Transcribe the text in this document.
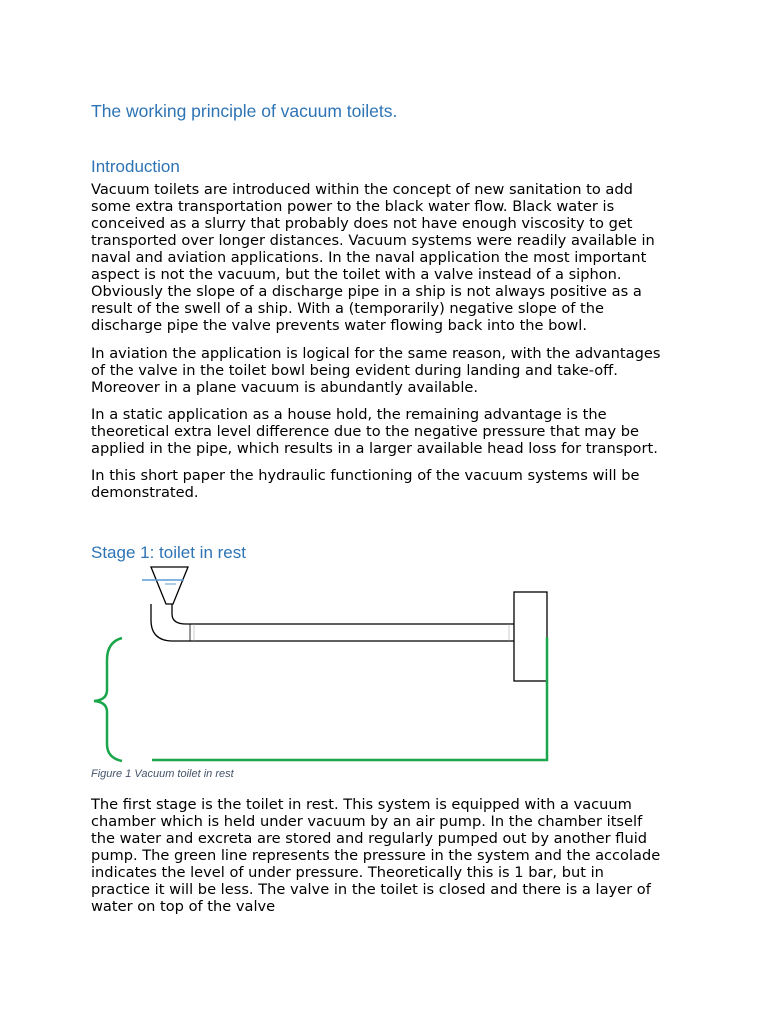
The working principle of vacuum toilets.
Introduction

Vacuum toilets are introduced within the concept of new sanitation to add
some extra transportation power to the black water flow. Black water is
conceived as a slurry that probably does not have enough viscosity to get
transported over longer distances. Vacuum systems were readily available in
naval and aviation applications. In the naval application the most important
aspect is not the vacuum, but the toilet with a valve instead of a siphon.
Obviously the slope of a discharge pipe in a ship is not always positive as a
result of the swell of a ship. With a (temporarily) negative slope of the
discharge pipe the valve prevents water flowing back into the bowl.

In aviation the application is logical for the same reason, with the advantages
of the valve in the toilet bowl being evident during landing and take-off.
Moreover in a plane vacuum is abundantly available.

In a static application as a house hold, the remaining advantage is the
theoretical extra level difference due to the negative pressure that may be
applied in the pipe, which results in a larger available head loss for transport.

In this short paper the hydraulic functioning of the vacuum systems will be
demonstrated.

Stage 1: toilet in rest

Figure 1 Vacuum toilet in rest

The first stage is the toilet in rest. This system is equipped with a vacuum
chamber which is held under vacuum by an air pump. In the chamber itself
the water and excreta are stored and regularly pumped out by another fluid
pump. The green line represents the pressure in the system and the accolade
indicates the level of under pressure. Theoretically this is 1 bar, but in
practice it will be less. The valve in the toilet is closed and there is a layer of
water on top of the valve
